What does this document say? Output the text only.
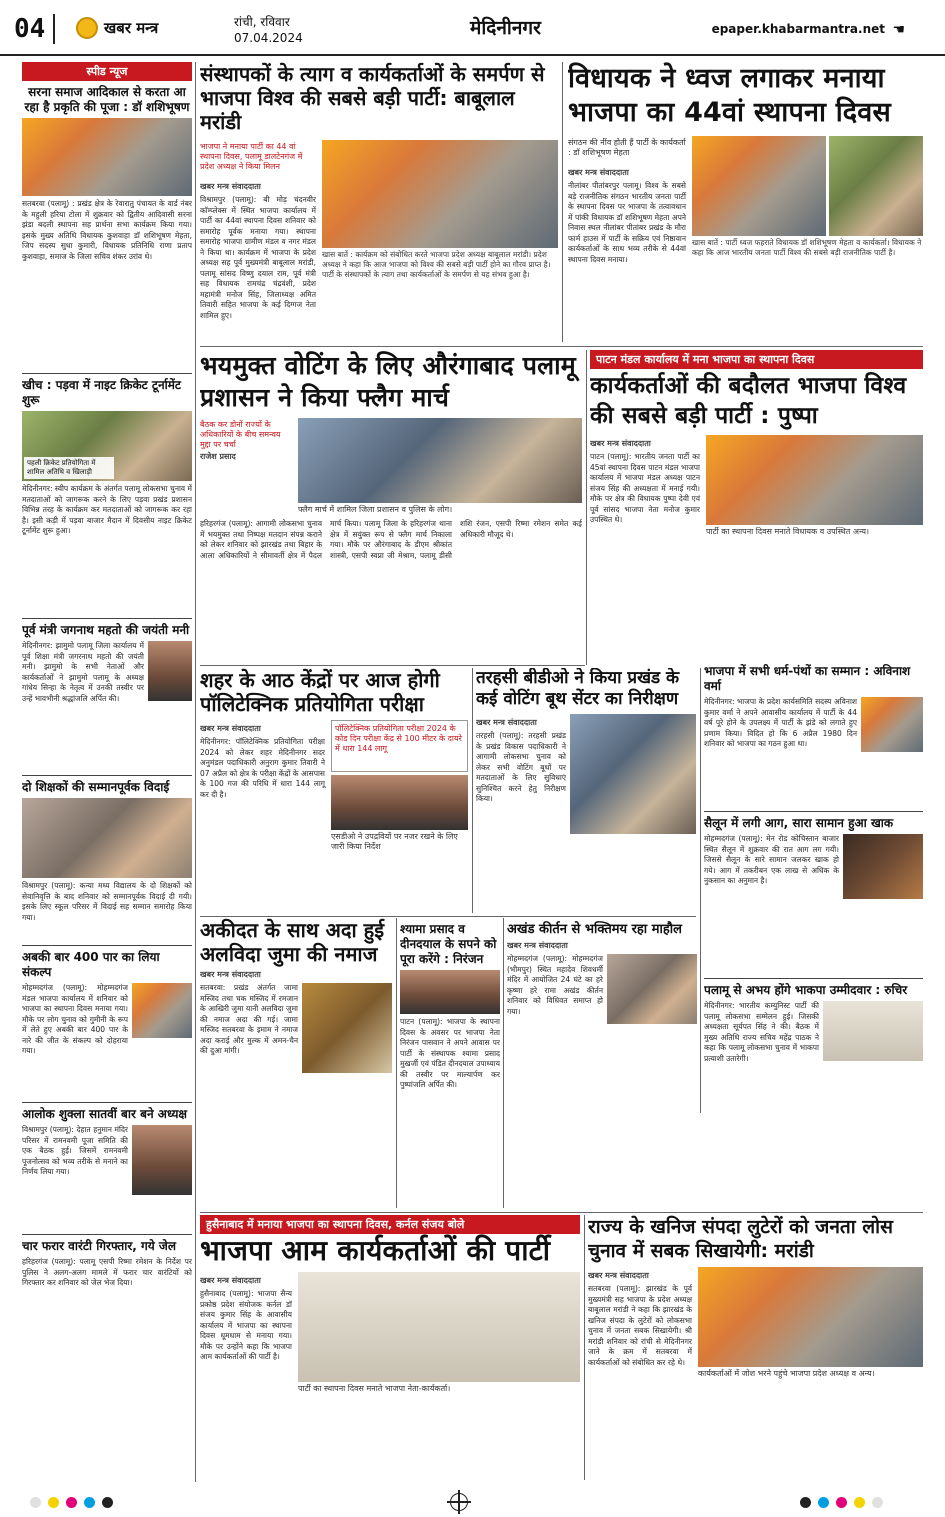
04	खबर मन्त्र	रांची, रविवार
07.04.2024	मेदिनीनगर	epaper.khabarmantra.net ☚
स्पीड न्यूज
सरना समाज आदिकाल से करता आ रहा है प्रकृति की पूजा : डॉ शशिभूषण
सतबरवा (पलामू) : प्रखंड क्षेत्र के रेवारातु पंचायत के वार्ड नंबर के महुली हरिया टोला में शुक्रवार को द्वितीय आदिवासी सरना झंडा बदली स्थापना सह प्रार्थना सभा कार्यक्रम किया गया। इसके मुख्य अतिथि विधायक कुशवाहा डॉ शशिभूषण मेहता, जिप सदस्य सुधा कुमारी, विधायक प्रतिनिधि राणा प्रताप कुशवाहा, समाज के जिला सचिव शंकर उरांव थे।
खीच : पड़वा में नाइट क्रिकेट टूर्नामेंट शुरू
पहली क्रिकेट प्रतियोगिता में शामिल अतिथि व खिलाड़ी
मेदिनीनगर: स्वीप कार्यक्रम के अंतर्गत पलामू लोकसभा चुनाव में मतदाताओं को जागरूक करने के लिए पड़वा प्रखंड प्रशासन विभिन्न तरह के कार्यक्रम कर मतदाताओं को जागरूक कर रहा है। इसी कड़ी में पड़वा बाजार मैदान में दिवसीय नाइट क्रिकेट टूर्नामेंट शुरू हुआ।
पूर्व मंत्री जगनाथ महतो की जयंती मनी
मेदिनीनगर: झामुमो पलामू जिला कार्यालय में पूर्व शिक्षा मंत्री जगरनाथ महतो की जयंती मनी। झामुमो के सभी नेताओं और कार्यकर्ताओं ने झामुमो पलामू के अध्यक्ष गांधेय सिन्हा के नेतृत्व में उनकी तस्वीर पर उन्हें भावभीनी श्रद्धांजलि अर्पित की।
दो शिक्षकों की सम्मानपूर्वक विदाई
विश्रामपुर (पलामू): कन्या मध्य विद्यालय के दो शिक्षकों को सेवानिवृत्ति के बाद शनिवार को सम्मानपूर्वक विदाई दी गयी। इसके लिए स्कूल परिसर में विदाई सह सम्मान समारोह किया गया।
अबकी बार 400 पार का लिया संकल्प
मोहम्मदगंज (पलामू): मोहम्मदगंज मंडल भाजपा कार्यालय में शनिवार को भाजपा का स्थापना दिवस मनाया गया। मौके पर लोग चुनाव को गुमीनी के रूप में लेते हुए अबकी बार 400 पार के नारे की जीत के संकल्प को दोहराया गया।
आलोक शुक्ला सातवीं बार बने अध्यक्ष
विश्रामपुर (पलामू): देहात हनुमान मंदिर परिसर में रामनवमी पूजा समिति की एक बैठक हुई। जिसमें रामनवमी पूजनोत्सव को भव्य तरीके से मनाने का निर्णय लिया गया।
चार फरार वारंटी गिरफ्तार, गये जेल
हरिहरगंज (पलामू): पलामू एसपी रिष्मा रमेशन के निर्देश पर पुलिस ने अलग-अलग मामले में फरार चार वारंटियों को गिरफ्तार कर शनिवार को जेल भेज दिया।
संस्थापकों के त्याग व कार्यकर्ताओं के समर्पण से भाजपा विश्व की सबसे बड़ी पार्टी: बाबूलाल मरांडी
भाजपा ने मनाया पार्टी का 44 वां स्थापना दिवस, पलामू डालटेनगंज में प्रदेश अध्यक्ष ने किया मिलन
खबर मन्त्र संवाददाता
विश्रामपुर (पलामू): बी मोड़ चंदनवीर कॉम्प्लेक्स में स्थित भाजपा कार्यालय में पार्टी का 44वां स्थापना दिवस शनिवार को समारोह पूर्वक मनाया गया। स्थापना समारोह भाजपा ग्रामीण मंडल व नगर मंडल ने किया था। कार्यक्रम में भाजपा के प्रदेश अध्यक्ष सह पूर्व मुख्यमंत्री बाबूलाल मरांडी, पलामू सांसद विष्णु दयाल राम, पूर्व मंत्री सह विधायक रामचंद्र चंद्रवंशी, प्रदेश महामंत्री मनोज सिंह, जिलाध्यक्ष अमित तिवारी सहित भाजपा के कई दिग्गज नेता शामिल हुए।
खास बातें : कार्यक्रम को संबोधित करते भाजपा प्रदेश अध्यक्ष बाबूलाल मरांडी। प्रदेश अध्यक्ष ने कहा कि आज भाजपा को विश्व की सबसे बड़ी पार्टी होने का गौरव प्राप्त है। पार्टी के संस्थापकों के त्याग तथा कार्यकर्ताओं के समर्पण से यह संभव हुआ है।
विधायक ने ध्वज लगाकर मनाया भाजपा का 44वां स्थापना दिवस
संगठन की नींव होती हैं पार्टी के कार्यकर्ता : डॉ शशिभूषण मेहता
खबर मन्त्र संवाददाता
नीलांबर पीतांबरपुर पलामू। विश्व के सबसे बड़े राजनीतिक संगठन भारतीय जनता पार्टी के स्थापना दिवस पर भाजपा के तत्वावधान में पांकी विधायक डॉ शशिभूषण मेहता अपने निवास स्थल नीलांबर पीतांबर प्रखंड के मौरा फार्म हाउस में पार्टी के सक्रिय एवं निष्ठावान कार्यकर्ताओं के साथ भव्य तरीके से 44वां स्थापना दिवस मनाया।
खास बातें : पार्टी ध्वज फहराते विधायक डॉ शशिभूषण मेहता व कार्यकर्ता। विधायक ने कहा कि आज भारतीय जनता पार्टी विश्व की सबसे बड़ी राजनीतिक पार्टी है।
भयमुक्त वोटिंग के लिए औरंगाबाद पलामू प्रशासन ने किया फ्लैग मार्च
बैठक कर डोनों राज्यों के अधिकारियों के बीच समन्वय मुद्दा पर चर्चा
राजेश प्रसाद
फ्लैग मार्च में शामिल जिला प्रशासन व पुलिस के लोग।
हरिहरगंज (पलामू): आगामी लोकसभा चुनाव में भयमुक्त तथा निष्पक्ष मतदान संपन्न कराने को लेकर शनिवार को झारखंड तथा बिहार के आला अधिकारियों ने सीमावर्ती क्षेत्र में पैदल मार्च किया। पलामू जिला के हरिहरगंज थाना क्षेत्र में सयुंक्त रूप से फ्लैग मार्च निकाला गया। मौके पर औरंगाबाद के डीएम श्रीकांत शास्त्री, एसपी स्वप्ना जी मेश्राम, पलामू डीसी शशि रंजन, एसपी रिष्मा रमेशन समेत कई अधिकारी मौजूद थे।
पाटन मंडल कार्यालय में मना भाजपा का स्थापना दिवस
कार्यकर्ताओं की बदौलत भाजपा विश्व की सबसे बड़ी पार्टी : पुष्पा
खबर मन्त्र संवाददाता
पाटन (पलामू): भारतीय जनता पार्टी का 45वां स्थापना दिवस पाटन मंडल भाजपा कार्यालय में भाजपा मंडल अध्यक्ष पाटन संजय सिंह की अध्यक्षता में मनाई गयी। मौके पर क्षेत्र की विधायक पुष्पा देवी एवं पूर्व सांसद भाजपा नेता मनोज कुमार उपस्थित थे।
पार्टी का स्थापना दिवस मनाते विधायक व उपस्थित अन्य।
शहर के आठ केंद्रों पर आज होगी पॉलिटेक्निक प्रतियोगिता परीक्षा
खबर मन्त्र संवाददाता
मेदिनीनगर: पॉलिटेक्निक प्रतियोगिता परीक्षा 2024 को लेकर शहर मेदिनीनगर सदर अनुमंडल पदाधिकारी अनुराग कुमार तिवारी ने 07 अप्रैल को क्षेत्र के परीक्षा केंद्रों के आसपास के 100 गज की परिधि में धारा 144 लागू कर दी है।
पॉलिटेक्निक प्रतियोगिता परीक्षा 2024 के कोड दिन परीक्षा केंद्र से 100 मीटर के दायरे में धारा 144 लागू
एसडीओ ने उपद्रवियों पर नजर रखने के लिए जारी किया निर्देश
तरहसी बीडीओ ने किया प्रखंड के कई वोटिंग बूथ सेंटर का निरीक्षण
खबर मन्त्र संवाददाता
तरहसी (पलामू): तरहसी प्रखंड के प्रखंड विकास पदाधिकारी ने आगामी लोकसभा चुनाव को लेकर सभी वोटिंग बूथों पर मतदाताओं के लिए सुविधाएं सुनिश्चित करने हेतु निरीक्षण किया।
भाजपा में सभी धर्म-पंथों का सम्मान : अविनाश वर्मा
मेदिनीनगर: भाजपा के प्रदेश कार्यसमिति सदस्य अविनाश कुमार वर्मा ने अपने आवासीय कार्यालय में पार्टी के 44 वर्ष पूरे होने के उपलक्ष्य में पार्टी के झंडे को लगाते हुए प्रणाम किया। विदित हो कि 6 अप्रैल 1980 दिन शनिवार को भाजपा का गठन हुआ था।
सैलून में लगी आग, सारा सामान हुआ खाक
मोहम्मदगंज (पलामू): मेन रोड कोचिस्तान बाजार स्थित सैलून में शुक्रवार की रात आग लग गयी। जिससे सैलून के सारे सामान जलकर खाक हो गये। आग में तकरीबन एक लाख से अधिक के नुकसान का अनुमान है।
पलामू से अभय होंगे भाकपा उम्मीदवार : रुचिर
मेदिनीनगर: भारतीय कम्युनिस्ट पार्टी की पलामू लोकसभा सम्मेलन हुई। जिसकी अध्यक्षता सूर्यपत सिंह ने की। बैठक में मुख्य अतिथि राज्य सचिव महेंद्र पाठक ने कहा कि पलामू लोकसभा चुनाव में भाकपा प्रत्याशी उतारेगी।
अकीदत के साथ अदा हुई अलविदा जुमा की नमाज
खबर मन्त्र संवाददाता
सतबरवा: प्रखंड अंतर्गत जामा मस्जिद तथा चक मस्जिद में रमजान के आखिरी जुमा यानी अलविदा जुमा की नमाज अदा की गई। जामा मस्जिद सतबरवा के इमाम ने नमाज अदा कराई और मुल्क में अमन-चैन की दुआ मांगी।
श्यामा प्रसाद व दीनदयाल के सपने को पूरा करेंगे : निरंजन
पाटन (पलामू): भाजपा के स्थापना दिवस के अवसर पर भाजपा नेता निरंजन पासवान ने अपने आवास पर पार्टी के संस्थापक श्यामा प्रसाद मुखर्जी एवं पंडित दीनदयाल उपाध्याय की तस्वीर पर माल्यार्पण कर पुष्पांजलि अर्पित की।
अखंड कीर्तन से भक्तिमय रहा माहौल
खबर मन्त्र संवाददाता
मोहम्मदगंज (पलामू): मोहम्मदगंज (भीमपुर) स्थित महादेव शिवधर्मी मंदिर में आयोजित 24 घंटे का हरे कृष्णा हरे रामा अखंड कीर्तन शनिवार को विधिवत समाप्त हो गया।
हुसैनाबाद में मनाया भाजपा का स्थापना दिवस, कर्नल संजय बोले
भाजपा आम कार्यकर्ताओं की पार्टी
खबर मन्त्र संवाददाता
हुसैनाबाद (पलामू): भाजपा सैन्य प्रकोष्ठ प्रदेश संयोजक कर्नल डॉ संजय कुमार सिंह के आवासीय कार्यालय में भाजपा का स्थापना दिवस धूमधाम से मनाया गया। मौके पर उन्होंने कहा कि भाजपा आम कार्यकर्ताओं की पार्टी है।
पार्टी का स्थापना दिवस मनाते भाजपा नेता-कार्यकर्ता।
राज्य के खनिज संपदा लुटेरों को जनता लोस चुनाव में सबक सिखायेगी: मरांडी
खबर मन्त्र संवाददाता
सतबरवा (पलामू): झारखंड के पूर्व मुख्यमंत्री सह भाजपा के प्रदेश अध्यक्ष बाबूलाल मरांडी ने कहा कि झारखंड के खनिज संपदा के लुटेरों को लोकसभा चुनाव में जनता सबक सिखायेगी। श्री मरांडी शनिवार को रांची से मेदिनीनगर जाने के क्रम में सतबरवा में कार्यकर्ताओं को संबोधित कर रहे थे।
कार्यकर्ताओं में जोश भरने पहुंचे भाजपा प्रदेश अध्यक्ष व अन्य।
